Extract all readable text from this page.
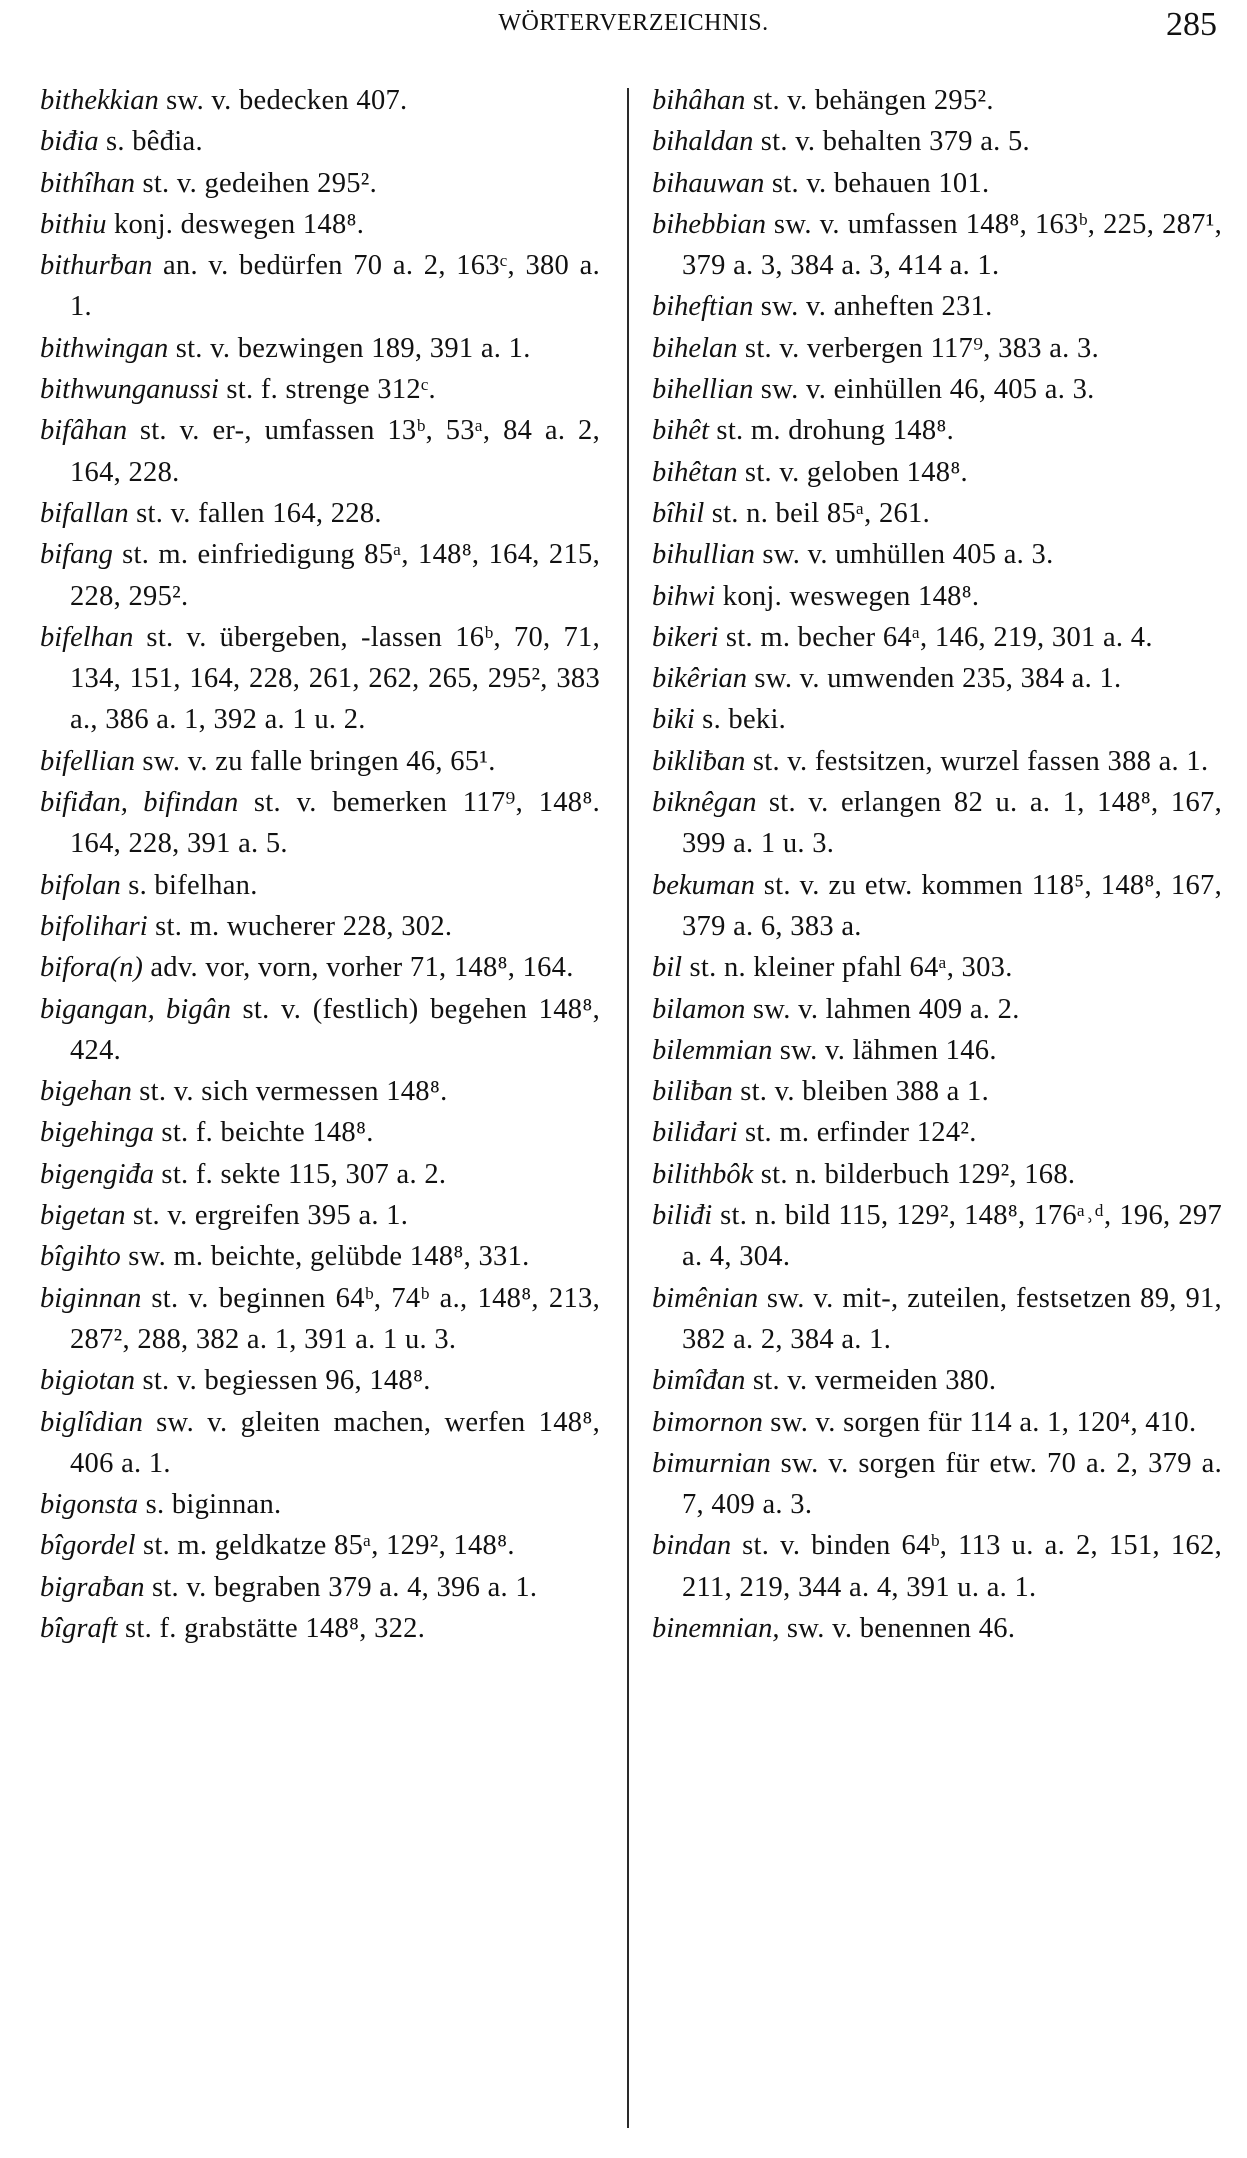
WÖRTERVERZEICHNIS.	285
bithekkian sw. v. bedecken 407.
biđia s. bêđia.
bithîhan st. v. gedeihen 295².
bithiu konj. deswegen 148⁸.
bithurƀan an. v. bedürfen 70 a. 2, 163ᶜ, 380 a. 1.
bithwingan st. v. bezwingen 189, 391 a. 1.
bithwunganussi st. f. strenge 312ᶜ.
bifâhan st. v. er-, umfassen 13ᵇ, 53ᵃ, 84 a. 2, 164, 228.
bifallan st. v. fallen 164, 228.
bifang st. m. einfriedigung 85ᵃ, 148⁸, 164, 215, 228, 295².
bifelhan st. v. übergeben, -lassen 16ᵇ, 70, 71, 134, 151, 164, 228, 261, 262, 265, 295², 383 a., 386 a. 1, 392 a. 1 u. 2.
bifellian sw. v. zu falle bringen 46, 65¹.
bifiđan, bifindan st. v. bemerken 117⁹, 148⁸. 164, 228, 391 a. 5.
bifolan s. bifelhan.
bifolihari st. m. wucherer 228, 302.
bifora(n) adv. vor, vorn, vorher 71, 148⁸, 164.
bigangan, bigân st. v. (festlich) begehen 148⁸, 424.
bigehan st. v. sich vermessen 148⁸.
bigehinga st. f. beichte 148⁸.
bigengiđa st. f. sekte 115, 307 a. 2.
bigetan st. v. ergreifen 395 a. 1.
bîgihto sw. m. beichte, gelübde 148⁸, 331.
biginnan st. v. beginnen 64ᵇ, 74ᵇ a., 148⁸, 213, 287², 288, 382 a. 1, 391 a. 1 u. 3.
bigiotan st. v. begiessen 96, 148⁸.
biglîdian sw. v. gleiten machen, werfen 148⁸, 406 a. 1.
bigonsta s. biginnan.
bîgordel st. m. geldkatze 85ᵃ, 129², 148⁸.
bigraƀan st. v. begraben 379 a. 4, 396 a. 1.
bîgraft st. f. grabstätte 148⁸, 322.
bihâhan st. v. behängen 295².
bihaldan st. v. behalten 379 a. 5.
bihauwan st. v. behauen 101.
bihebbian sw. v. umfassen 148⁸, 163ᵇ, 225, 287¹, 379 a. 3, 384 a. 3, 414 a. 1.
biheftian sw. v. anheften 231.
bihelan st. v. verbergen 117⁹, 383 a. 3.
bihellian sw. v. einhüllen 46, 405 a. 3.
bihêt st. m. drohung 148⁸.
bihêtan st. v. geloben 148⁸.
bîhil st. n. beil 85ᵃ, 261.
bihullian sw. v. umhüllen 405 a. 3.
bihwi konj. weswegen 148⁸.
bikeri st. m. becher 64ᵃ, 146, 219, 301 a. 4.
bikêrian sw. v. umwenden 235, 384 a. 1.
biki s. beki.
bikliƀan st. v. festsitzen, wurzel fassen 388 a. 1.
biknêgan st. v. erlangen 82 u. a. 1, 148⁸, 167, 399 a. 1 u. 3.
bekuman st. v. zu etw. kommen 118⁵, 148⁸, 167, 379 a. 6, 383 a.
bil st. n. kleiner pfahl 64ᵃ, 303.
bilamon sw. v. lahmen 409 a. 2.
bilemmian sw. v. lähmen 146.
biliƀan st. v. bleiben 388 a 1.
biliđari st. m. erfinder 124².
bilithbôk st. n. bilderbuch 129², 168.
biliđi st. n. bild 115, 129², 148⁸, 176ᵃ˒ᵈ, 196, 297 a. 4, 304.
bimênian sw. v. mit-, zuteilen, festsetzen 89, 91, 382 a. 2, 384 a. 1.
bimîđan st. v. vermeiden 380.
bimornon sw. v. sorgen für 114 a. 1, 120⁴, 410.
bimurnian sw. v. sorgen für etw. 70 a. 2, 379 a. 7, 409 a. 3.
bindan st. v. binden 64ᵇ, 113 u. a. 2, 151, 162, 211, 219, 344 a. 4, 391 u. a. 1.
binemnian, sw. v. benennen 46.
